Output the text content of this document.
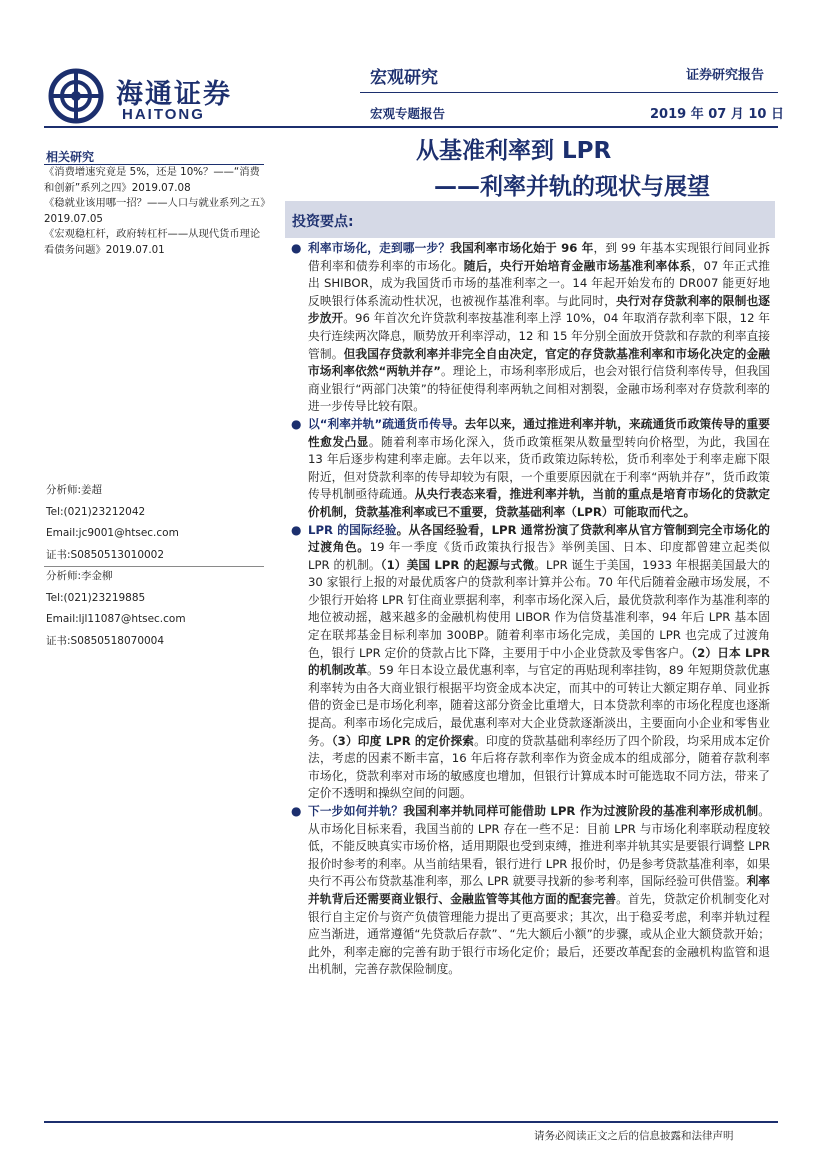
海通证券
HAITONG
宏观研究	证券研究报告
宏观专题报告	2019 年 07 月 10 日
从基准利率到 LPR
——利率并轨的现状与展望
相关研究
《消费增速究竟是 5%，还是 10%？——“消费和创新”系列之四》2019.07.08
《稳就业该用哪一招？——人口与就业系列之五》2019.07.05
《宏观稳杠杆，政府转杠杆——从现代货币理论看债务问题》2019.07.01
分析师:姜超
Tel:(021)23212042
Email:jc9001@htsec.com
证书:S0850513010002
分析师:李金柳
Tel:(021)23219885
Email:ljl11087@htsec.com
证书:S0850518070004
投资要点:

● 利率市场化，走到哪一步？我国利率市场化始于 96 年，到 99 年基本实现银行间同业拆借利率和债券利率的市场化。随后，央行开始培育金融市场基准利率体系，07 年正式推出 SHIBOR，成为我国货币市场的基准利率之一。14 年起开始发布的 DR007 能更好地反映银行体系流动性状况，也被视作基准利率。与此同时，央行对存贷款利率的限制也逐步放开。96 年首次允许贷款利率按基准利率上浮 10%，04 年取消存款利率下限，12 年央行连续两次降息，顺势放开利率浮动，12 和 15 年分别全面放开贷款和存款的利率直接管制。但我国存贷款利率并非完全自由决定，官定的存贷款基准利率和市场化决定的金融市场利率依然“两轨并存”。理论上，市场利率形成后，也会对银行信贷利率传导，但我国商业银行“两部门决策”的特征使得利率两轨之间相对割裂，金融市场利率对存贷款利率的进一步传导比较有限。

● 以“利率并轨”疏通货币传导。去年以来，通过推进利率并轨，来疏通货币政策传导的重要性愈发凸显。随着利率市场化深入，货币政策框架从数量型转向价格型，为此，我国在 13 年后逐步构建利率走廊。去年以来，货币政策边际转松，货币利率处于利率走廊下限附近，但对贷款利率的传导却较为有限，一个重要原因就在于利率“两轨并存”，货币政策传导机制亟待疏通。从央行表态来看，推进利率并轨，当前的重点是培育市场化的贷款定价机制，贷款基准利率或已不重要，贷款基础利率（LPR）可能取而代之。

● LPR 的国际经验。从各国经验看，LPR 通常扮演了贷款利率从官方管制到完全市场化的过渡角色。19 年一季度《货币政策执行报告》举例美国、日本、印度都曾建立起类似 LPR 的机制。（1）美国 LPR 的起源与式微。LPR 诞生于美国，1933 年根据美国最大的 30 家银行上报的对最优质客户的贷款利率计算并公布。70 年代后随着金融市场发展，不少银行开始将 LPR 钉住商业票据利率，利率市场化深入后，最优贷款利率作为基准利率的地位被动摇，越来越多的金融机构使用 LIBOR 作为信贷基准利率，94 年后 LPR 基本固定在联邦基金目标利率加 300BP。随着利率市场化完成，美国的 LPR 也完成了过渡角色，银行 LPR 定价的贷款占比下降，主要用于中小企业贷款及零售客户。（2）日本 LPR 的机制改革。59 年日本设立最优惠利率，与官定的再贴现利率挂钩，89 年短期贷款优惠利率转为由各大商业银行根据平均资金成本决定，而其中的可转让大额定期存单、同业拆借的资金已是市场化利率，随着这部分资金比重增大，日本贷款利率的市场化程度也逐渐提高。利率市场化完成后，最优惠利率对大企业贷款逐渐淡出，主要面向小企业和零售业务。（3）印度 LPR 的定价探索。印度的贷款基础利率经历了四个阶段，均采用成本定价法，考虑的因素不断丰富，16 年后将存款利率作为资金成本的组成部分，随着存款利率市场化，贷款利率对市场的敏感度也增加，但银行计算成本时可能选取不同方法，带来了定价不透明和操纵空间的问题。

● 下一步如何并轨？我国利率并轨同样可能借助 LPR 作为过渡阶段的基准利率形成机制。从市场化目标来看，我国当前的 LPR 存在一些不足：目前 LPR 与市场化利率联动程度较低，不能反映真实市场价格，适用期限也受到束缚，推进利率并轨其实是要银行调整 LPR 报价时参考的利率。从当前结果看，银行进行 LPR 报价时，仍是参考贷款基准利率，如果央行不再公布贷款基准利率，那么 LPR 就要寻找新的参考利率，国际经验可供借鉴。利率并轨背后还需要商业银行、金融监管等其他方面的配套完善。首先，贷款定价机制变化对银行自主定价与资产负债管理能力提出了更高要求；其次，出于稳妥考虑，利率并轨过程应当渐进，通常遵循“先贷款后存款”、“先大额后小额”的步骤，或从企业大额贷款开始；此外，利率走廊的完善有助于银行市场化定价；最后，还要改革配套的金融机构监管和退出机制，完善存款保险制度。

请务必阅读正文之后的信息披露和法律声明
